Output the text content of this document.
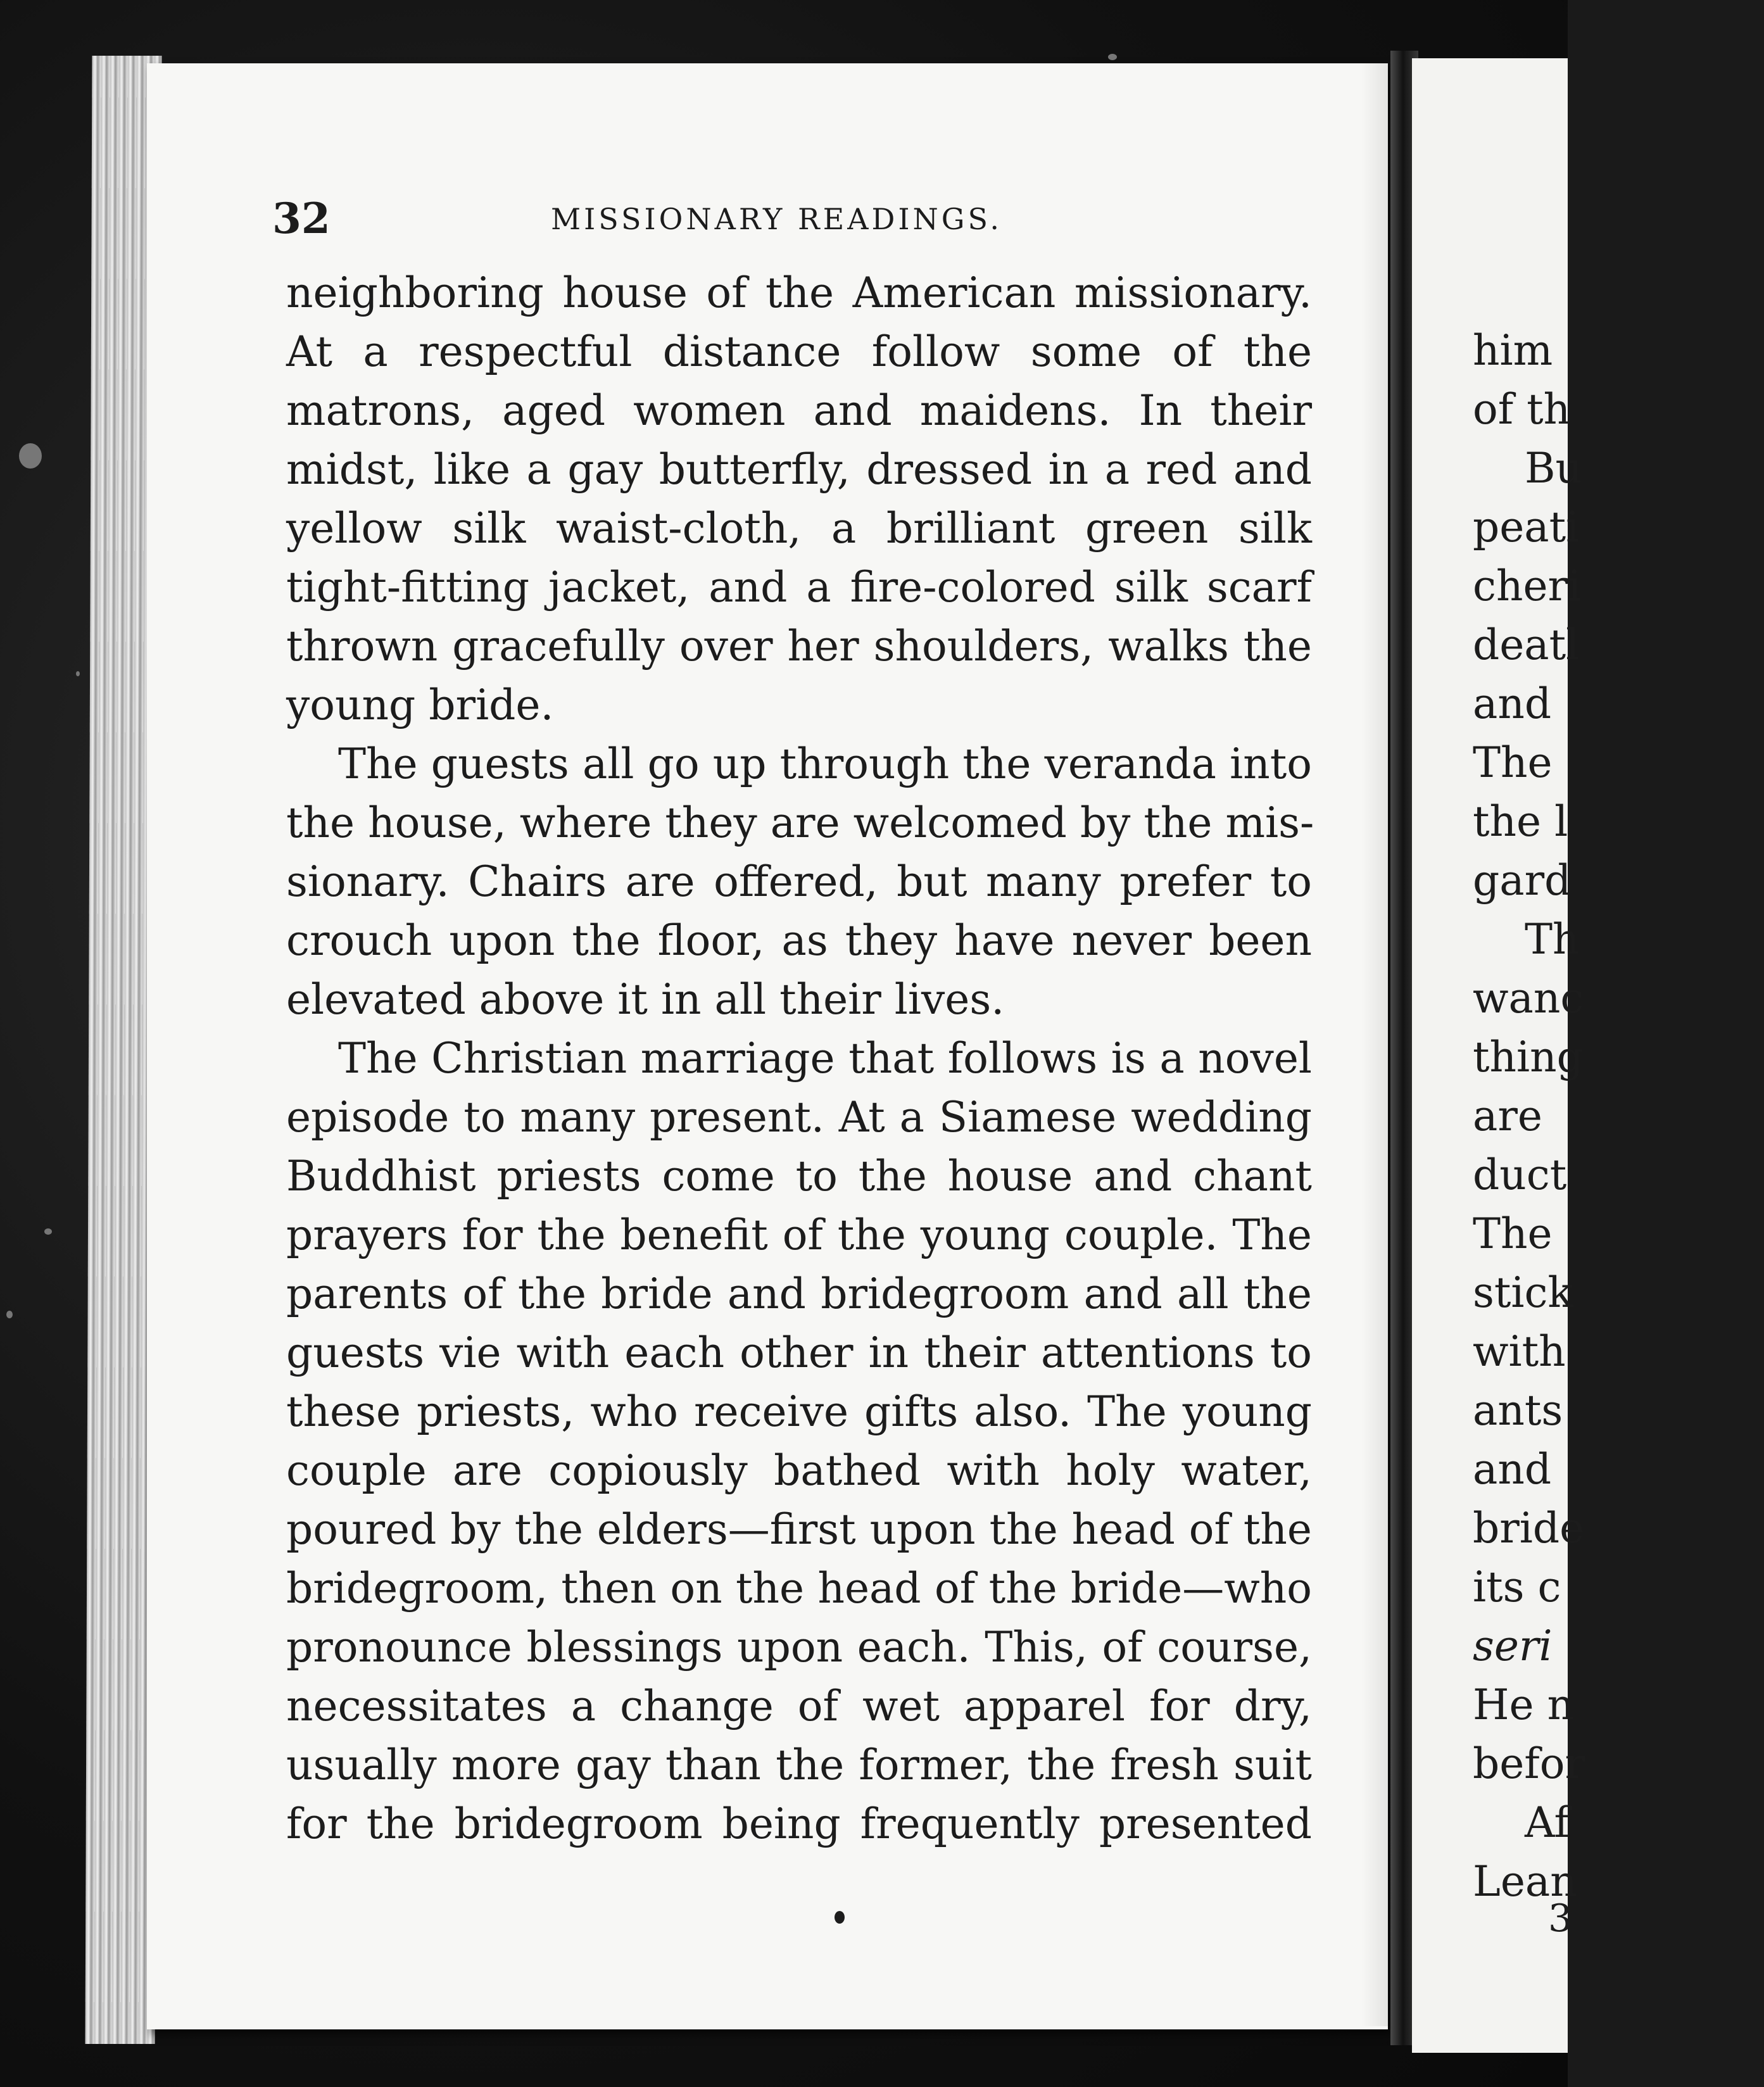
him
of th
Bu
peati
cheri
deatl
and
The
the l
gard
Th
wanc
thing
are
duct
The
stick
with
ants
and
bride
its c
seri
He n
befor
Af
Lean
32	MISSIONARY READINGS.
neighboring house of the American missionary.
At a respectful distance follow some of the
matrons, aged women and maidens. In their
midst, like a gay butterfly, dressed in a red and
yellow silk waist-cloth, a brilliant green silk
tight-fitting jacket, and a fire-colored silk scarf
thrown gracefully over her shoulders, walks the
young bride.
The guests all go up through the veranda into
the house, where they are welcomed by the mis-
sionary. Chairs are offered, but many prefer to
crouch upon the floor, as they have never been
elevated above it in all their lives.
The Christian marriage that follows is a novel
episode to many present. At a Siamese wedding
Buddhist priests come to the house and chant
prayers for the benefit of the young couple. The
parents of the bride and bridegroom and all the
guests vie with each other in their attentions to
these priests, who receive gifts also. The young
couple are copiously bathed with holy water,
poured by the elders—first upon the head of the
bridegroom, then on the head of the bride—who
pronounce blessings upon each. This, of course,
necessitates a change of wet apparel for dry,
usually more gay than the former, the fresh suit
for the bridegroom being frequently presented
3
